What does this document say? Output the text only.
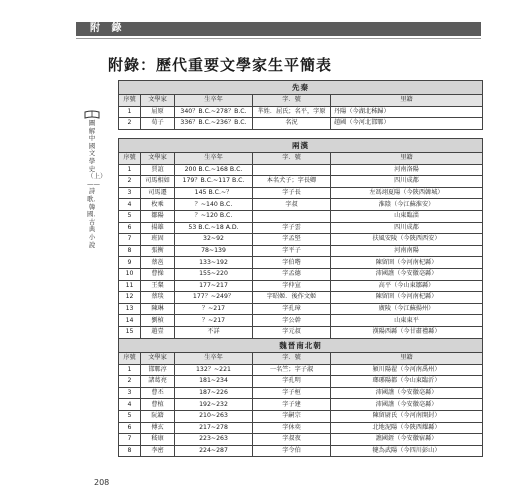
附 錄
附錄：歷代重要文學家生平簡表
圖解中國文學史（上）——詩歌．韓國．古典小說
先秦				
序號	文學家	生卒年	字．號	里籍
1	屈原	340？B.C.~278？B.C.	羋姓．屈氏；名平，字原	丹陽（今湖北秭歸）
2	荀子	336？B.C.~236？B.C.	名況	趙國（今河北邯鄲）
兩漢				
序號	文學家	生卒年	字．號	里籍
1	賈誼	200 B.C.~168 B.C.		河南洛陽
2	司馬相如	179？B.C.~117 B.C.	本名犬子；字長卿	四川成都
3	司馬遷	145 B.C.~？	字子長	左馮翊夏陽（今陝西韓城）
4	枚乘	？~140 B.C.	字叔	淮陰（今江蘇淮安）
5	鄒陽	？~120 B.C.		山東臨淄
6	揚雄	53 B.C.~18 A.D.	字子雲	四川成都
7	班固	32~92	字孟堅	扶風安陵（今陝西西安）
8	張衡	78~139	字平子	河南南陽
9	蔡邕	133~192	字伯喈	陳留圉（今河南杞縣）
10	曹操	155~220	字孟德	沛國譙（今安徽亳縣）
11	王粲	177~217	字仲宣	高平（今山東鄒縣）
12	蔡琰	177？~249？	字昭姬．後作文姬	陳留圉（今河南杞縣）
13	陳琳	？~217	字孔璋	廣陵（今江蘇揚州）
14	劉楨	？~217	字公幹	山東東平
15	趙壹	不詳	字元叔	漢陽西縣（今甘肅禮縣）
魏晉南北朝				
序號	文學家	生卒年	字．號	里籍
1	邯鄲淳	132？~221	一名竺；字子淑	潁川陽翟（今河南禹州）
2	諸葛亮	181~234	字孔明	瑯琊陽都（今山東臨沂）
3	曹丕	187~226	字子桓	沛國譙（今安徽亳縣）
4	曹植	192~232	字子建	沛國譙（今安徽亳縣）
5	阮籍	210~263	字嗣宗	陳留尉氏（今河南開封）
6	傅玄	217~278	字休奕	北地泥陽（今陝西耀縣）
7	嵇康	223~263	字叔夜	譙國銍（今安徽宿縣）
8	李密	224~287	字令伯	犍為武陽（今四川彭山）
208
